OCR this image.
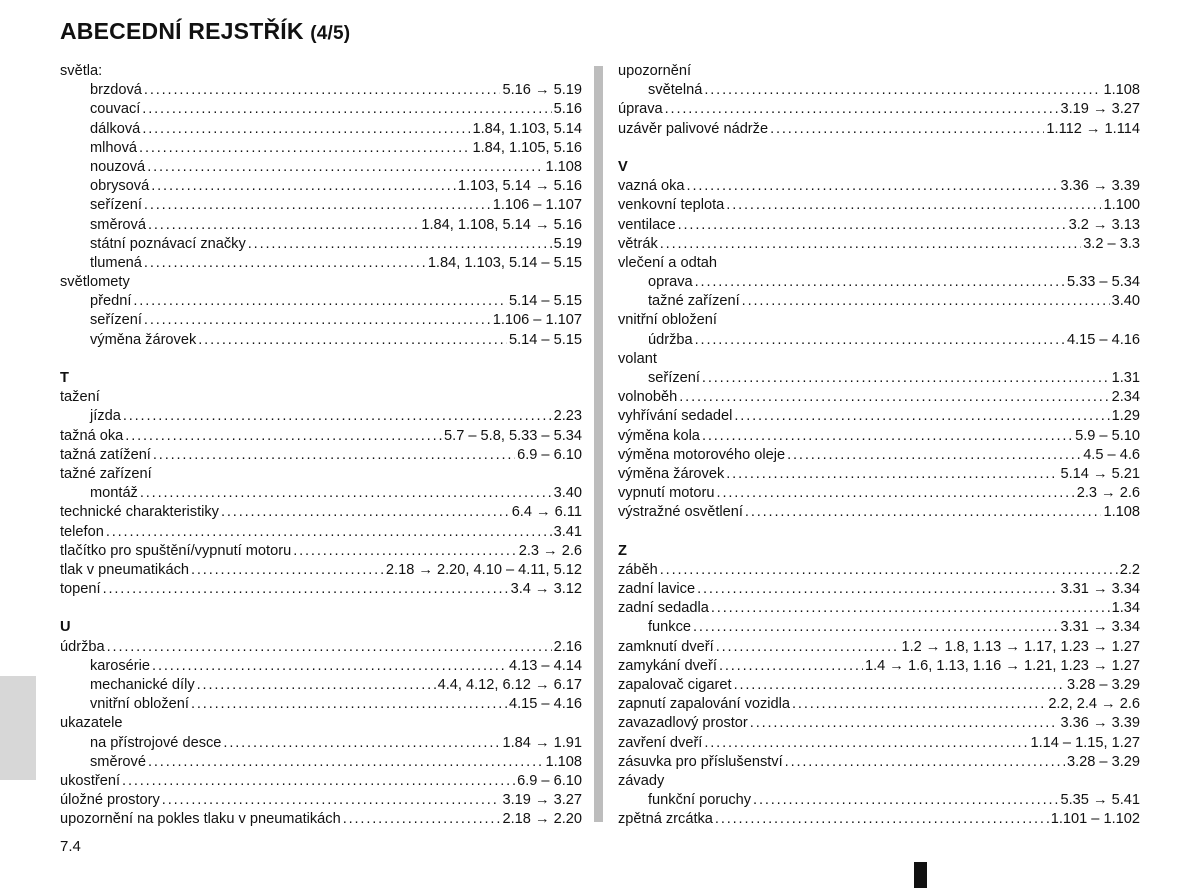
ABECEDNÍ REJSTŘÍK (4/5)
světla:
brzdová . . .	5.16 → 5.19
couvací . . .	5.16
dálková . . .	1.84, 1.103, 5.14
mlhová . . .	1.84, 1.105, 5.16
nouzová . . .	1.108
obrysová . . .	1.103, 5.14 → 5.16
seřízení . . .	1.106 – 1.107
směrová . . .	1.84, 1.108, 5.14 → 5.16
státní poznávací značky . . .	5.19
tlumená . . .	1.84, 1.103, 5.14 – 5.15
světlomety
přední . . .	5.14 – 5.15
seřízení . . .	1.106 – 1.107
výměna žárovek . . .	5.14 – 5.15
T
tažení
jízda . . .	2.23
tažná oka . . .	5.7 – 5.8, 5.33 – 5.34
tažná zatížení . . .	6.9 – 6.10
tažné zařízení
montáž . . .	3.40
technické charakteristiky . . .	6.4 → 6.11
telefon . . .	3.41
tlačítko pro spuštění/vypnutí motoru . . .	2.3 → 2.6
tlak v pneumatikách . . .	2.18 → 2.20, 4.10 – 4.11, 5.12
topení . . .	3.4 → 3.12
U
údržba . . .	2.16
karosérie . . .	4.13 – 4.14
mechanické díly . . .	4.4, 4.12, 6.12 → 6.17
vnitřní obložení . . .	4.15 – 4.16
ukazatele
na přístrojové desce . . .	1.84 → 1.91
směrové . . .	1.108
ukostření . . .	6.9 – 6.10
úložné prostory . . .	3.19 → 3.27
upozornění na pokles tlaku v pneumatikách . . .	2.18 → 2.20
upozornění
světelná . . .	1.108
úprava . . .	3.19 → 3.27
uzávěr palivové nádrže . . .	1.112 → 1.114
V
vazná oka . . .	3.36 → 3.39
venkovní teplota . . .	1.100
ventilace . . .	3.2 → 3.13
větrák . . .	3.2 – 3.3
vlečení a odtah
oprava . . .	5.33 – 5.34
tažné zařízení . . .	3.40
vnitřní obložení
údržba . . .	4.15 – 4.16
volant
seřízení . . .	1.31
volnoběh . . .	2.34
vyhřívání sedadel . . .	1.29
výměna kola . . .	5.9 – 5.10
výměna motorového oleje . . .	4.5 – 4.6
výměna žárovek . . .	5.14 → 5.21
vypnutí motoru . . .	2.3 → 2.6
výstražné osvětlení . . .	1.108
Z
záběh . . .	2.2
zadní lavice . . .	3.31 → 3.34
zadní sedadla . . .	1.34
funkce . . .	3.31 → 3.34
zamknutí dveří . . .	1.2 → 1.8, 1.13 → 1.17, 1.23 → 1.27
zamykání dveří . . .	1.4 → 1.6, 1.13, 1.16 → 1.21, 1.23 → 1.27
zapalovač cigaret . . .	3.28 – 3.29
zapnutí zapalování vozidla . . .	2.2, 2.4 → 2.6
zavazadlový prostor . . .	3.36 → 3.39
zavření dveří . . .	1.14 – 1.15, 1.27
zásuvka pro příslušenství . . .	3.28 – 3.29
závady
funkční poruchy . . .	5.35 → 5.41
zpětná zrcátka . . .	1.101 – 1.102
7.4
